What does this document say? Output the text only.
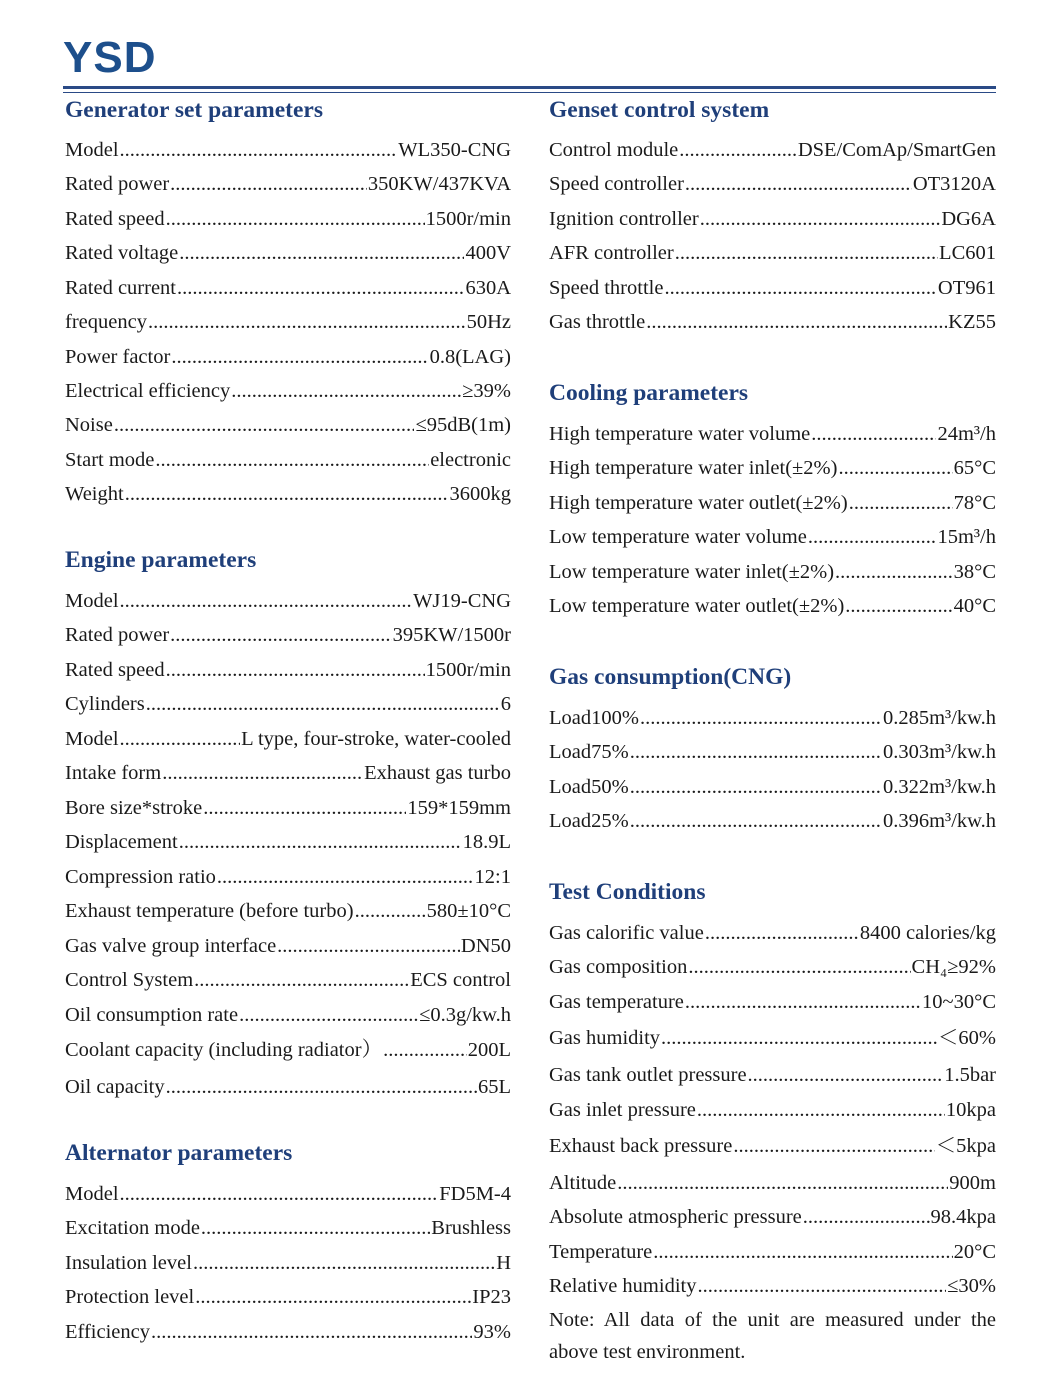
YSD
Generator set parameters
Model .....	WL350-CNG
Rated power .....	350KW/437KVA
Rated speed .....	1500r/min
Rated voltage .....	400V
Rated current .....	630A
frequency .....	50Hz
Power factor .....	0.8(LAG)
Electrical efficiency .....	≥39%
Noise .....	≤95dB(1m)
Start mode .....	electronic
Weight .....	3600kg
Engine parameters
Model .....	WJ19-CNG
Rated power .....	395KW/1500r
Rated speed .....	1500r/min
Cylinders .....	6
Model .....	L type, four-stroke, water-cooled
Intake form .....	Exhaust gas turbo
Bore size*stroke .....	159*159mm
Displacement .....	18.9L
Compression ratio .....	12:1
Exhaust temperature (before turbo) .....	580±10°C
Gas valve group interface .....	DN50
Control System .....	ECS control
Oil consumption rate .....	≤0.3g/kw.h
Coolant capacity (including radiator） .....	200L
Oil capacity .....	65L
Alternator parameters
Model .....	FD5M-4
Excitation mode .....	Brushless
Insulation level .....	H
Protection level .....	IP23
Efficiency .....	93%
Genset control system
Control module .....	DSE/ComAp/SmartGen
Speed controller .....	OT3120A
Ignition controller .....	DG6A
AFR controller .....	LC601
Speed throttle .....	OT961
Gas throttle .....	KZ55
Cooling parameters
High temperature water volume .....	24m³/h
High temperature water inlet(±2%) .....	65°C
High temperature water outlet(±2%) .....	78°C
Low temperature water volume .....	15m³/h
Low temperature water inlet(±2%) .....	38°C
Low temperature water outlet(±2%) .....	40°C
Gas consumption(CNG)
Load100% .....	0.285m³/kw.h
Load75% .....	0.303m³/kw.h
Load50% .....	0.322m³/kw.h
Load25% .....	0.396m³/kw.h
Test Conditions
Gas calorific value .....	8400 calories/kg
Gas composition .....	CH₄≥92%
Gas temperature .....	10~30°C
Gas humidity .....	＜60%
Gas tank outlet pressure .....	1.5bar
Gas inlet pressure .....	10kpa
Exhaust back pressure .....	＜5kpa
Altitude .....	900m
Absolute atmospheric pressure .....	98.4kpa
Temperature .....	20°C
Relative humidity .....	≤30%
Note: All data of the unit are measured under the above test environment.
